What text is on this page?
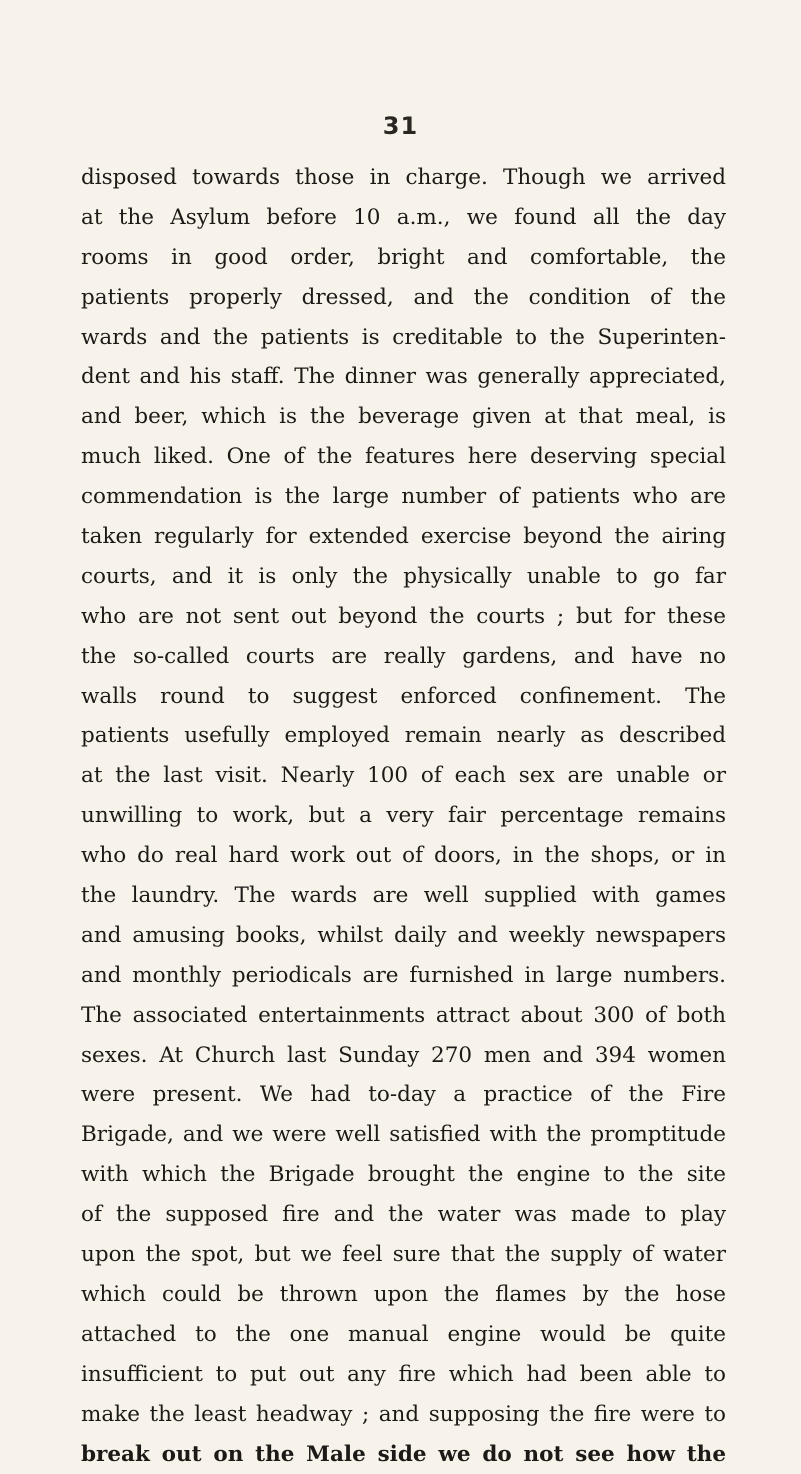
31
disposed towards those in charge. Though we arrived
at the Asylum before 10 a.m., we found all the day
rooms in good order, bright and comfortable, the
patients properly dressed, and the condition of the
wards and the patients is creditable to the Superinten-
dent and his staff. The dinner was generally appreciated,
and beer, which is the beverage given at that meal, is
much liked. One of the features here deserving special
commendation is the large number of patients who are
taken regularly for extended exercise beyond the airing
courts, and it is only the physically unable to go far
who are not sent out beyond the courts ; but for these
the so-called courts are really gardens, and have no
walls round to suggest enforced confinement. The
patients usefully employed remain nearly as described
at the last visit. Nearly 100 of each sex are unable or
unwilling to work, but a very fair percentage remains
who do real hard work out of doors, in the shops, or in
the laundry. The wards are well supplied with games
and amusing books, whilst daily and weekly newspapers
and monthly periodicals are furnished in large numbers.
The associated entertainments attract about 300 of both
sexes. At Church last Sunday 270 men and 394 women
were present. We had to-day a practice of the Fire
Brigade, and we were well satisfied with the promptitude
with which the Brigade brought the engine to the site
of the supposed fire and the water was made to play
upon the spot, but we feel sure that the supply of water
which could be thrown upon the flames by the hose
attached to the one manual engine would be quite
insufficient to put out any fire which had been able to
make the least headway ; and supposing the fire were to
break out on the Male side we do not see how the
